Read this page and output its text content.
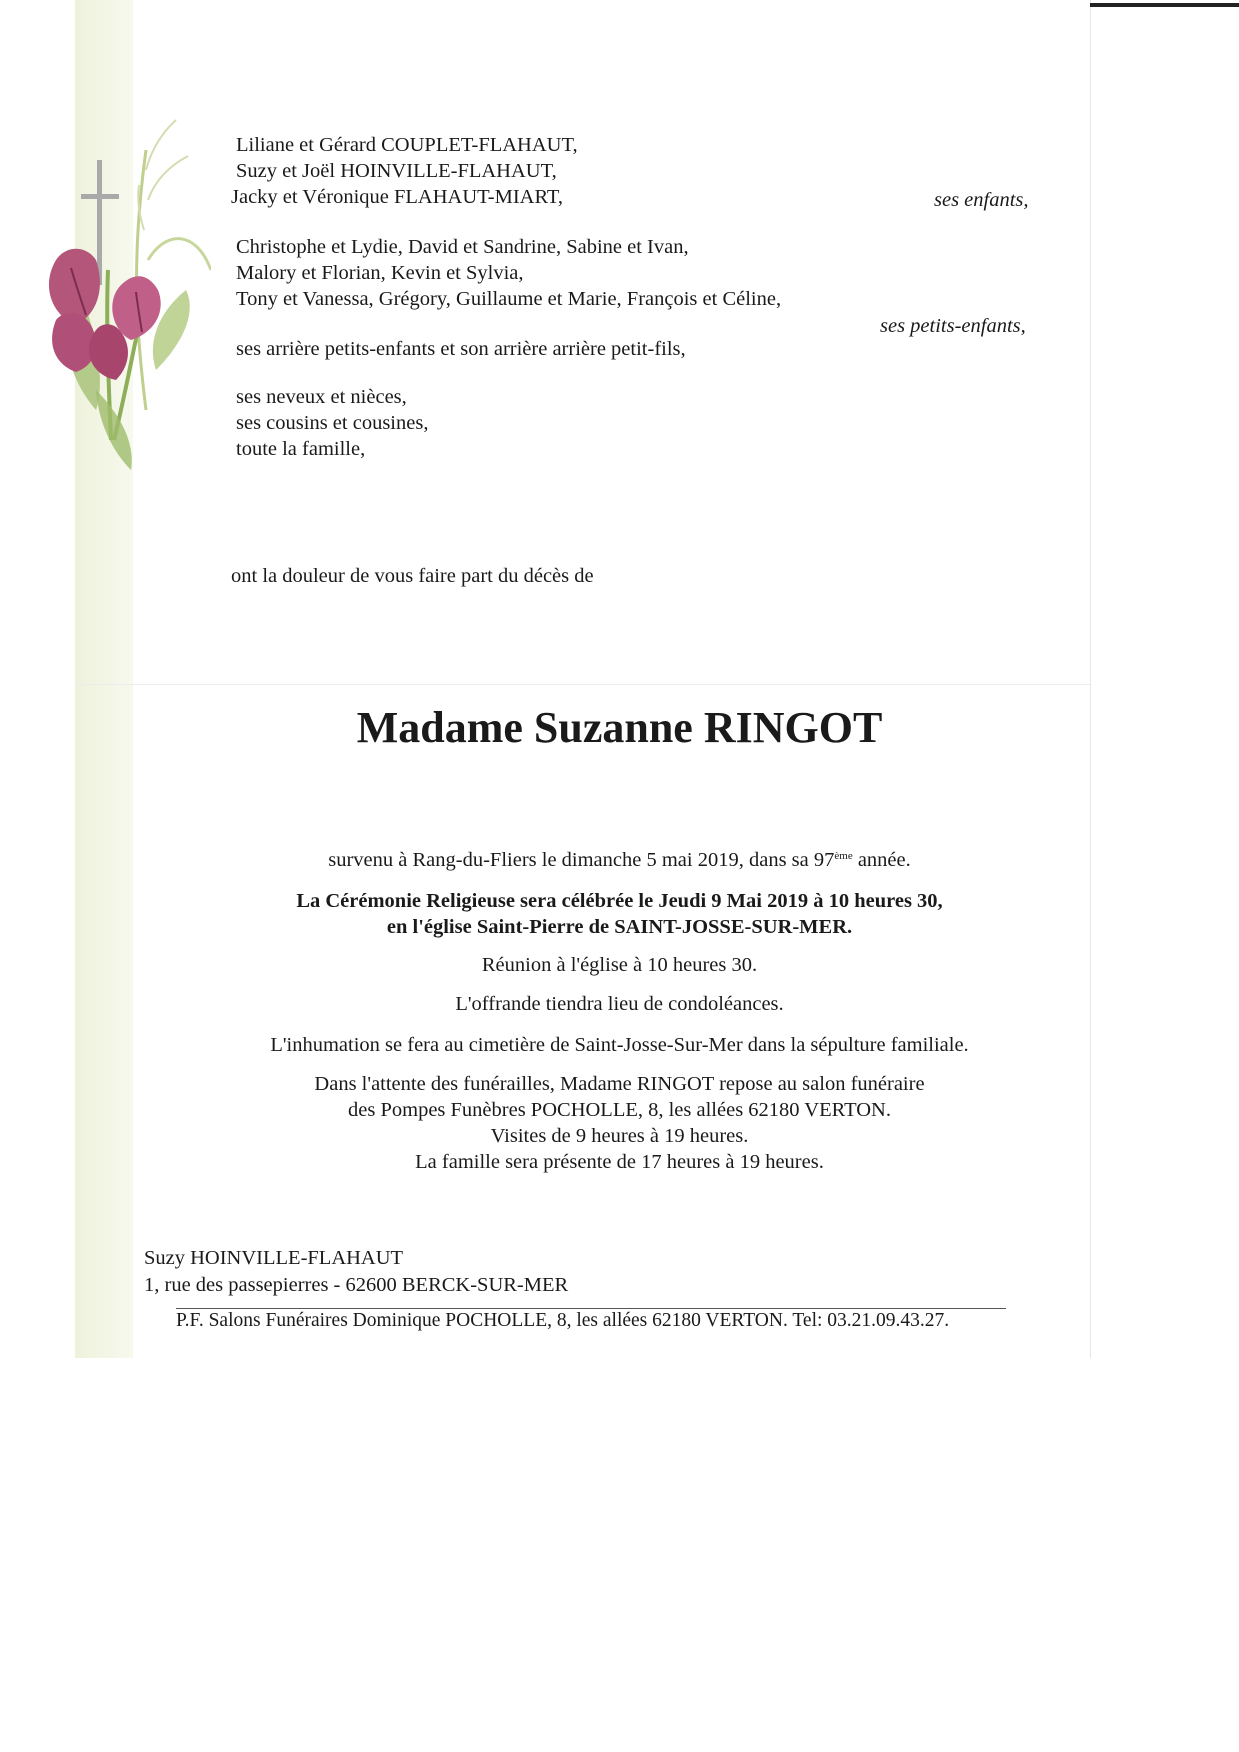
Liliane et Gérard COUPLET-FLAHAUT,
Suzy et Joël HOINVILLE-FLAHAUT,
Jacky et Véronique FLAHAUT-MIART,	ses enfants,
Christophe et Lydie, David et Sandrine, Sabine et Ivan,
Malory et Florian, Kevin et Sylvia,
Tony et Vanessa, Grégory, Guillaume et Marie, François et Céline,
ses petits-enfants,
ses arrière petits-enfants et son arrière arrière petit-fils,
ses neveux et nièces,
ses cousins et cousines,
toute la famille,
ont la douleur de vous faire part du décès de
Madame Suzanne RINGOT
survenu à Rang-du-Fliers le dimanche 5 mai 2019, dans sa 97ème année.
La Cérémonie Religieuse sera célébrée le Jeudi 9 Mai 2019 à 10 heures 30,
en l'église Saint-Pierre de SAINT-JOSSE-SUR-MER.
Réunion à l'église à 10 heures 30.
L'offrande tiendra lieu de condoléances.
L'inhumation se fera au cimetière de Saint-Josse-Sur-Mer dans la sépulture familiale.
Dans l'attente des funérailles, Madame RINGOT repose au salon funéraire
des Pompes Funèbres POCHOLLE, 8, les allées 62180 VERTON.
Visites de 9 heures à 19 heures.
La famille sera présente de 17 heures à 19 heures.
Suzy HOINVILLE-FLAHAUT
1, rue des passepierres - 62600 BERCK-SUR-MER
P.F. Salons Funéraires Dominique POCHOLLE, 8, les allées 62180 VERTON. Tel: 03.21.09.43.27.
